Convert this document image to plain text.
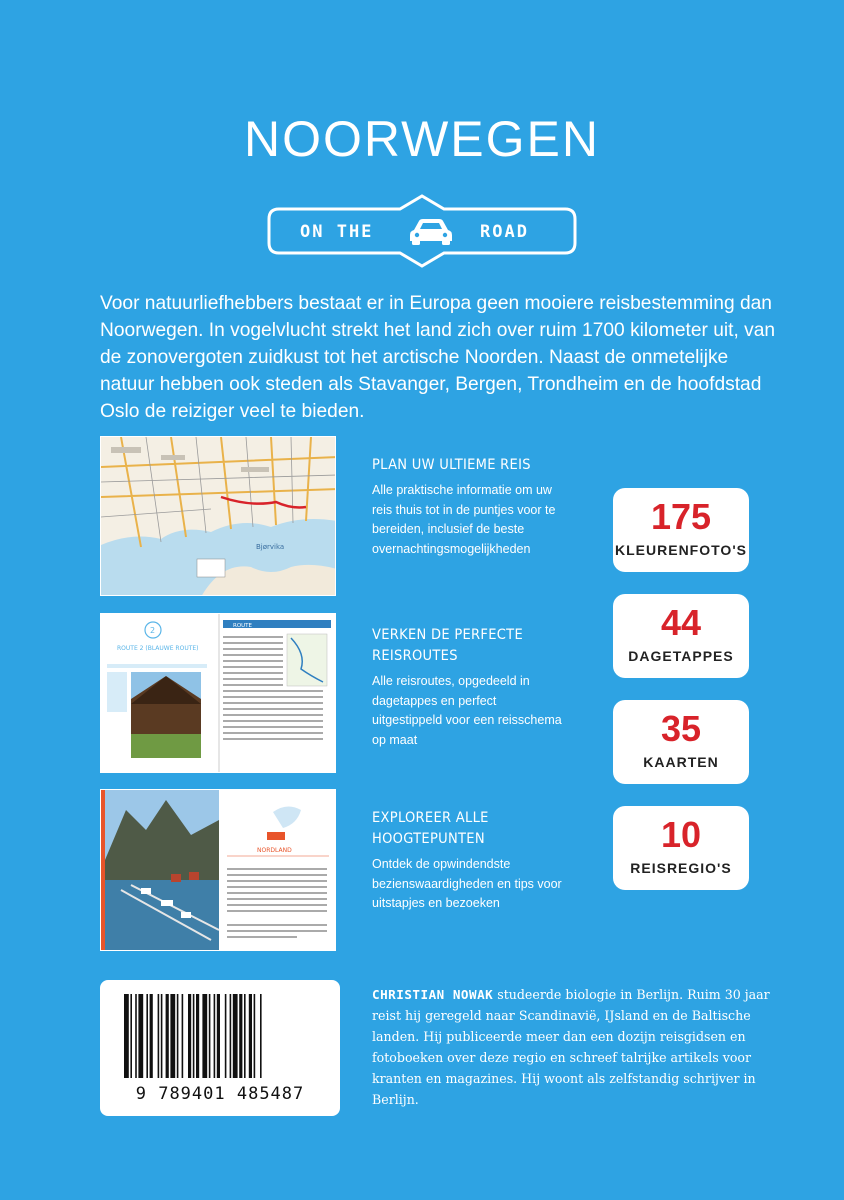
NOORWEGEN
ON THE	ROAD
Voor natuurliefhebbers bestaat er in Europa geen mooiere reisbestemming dan Noorwegen. In vogelvlucht strekt het land zich over ruim 1700 kilometer uit, van de zonovergoten zuidkust tot het arctische Noorden. Naast de onmetelijke natuur hebben ook steden als Stavanger, Bergen, Trondheim en de hoofdstad Oslo de reiziger veel te bieden.
Bjørvika
2
ROUTE 2 (BLAUWE ROUTE)
ROUTE
NORDLAND
PLAN UW ULTIEME REIS

Alle praktische informatie om uw reis thuis tot in de puntjes voor te bereiden, inclusief de beste overnachtingsmogelijkheden

VERKEN DE PERFECTE REISROUTES

Alle reisroutes, opgedeeld in dagetappes en perfect uitgestippeld voor een reisschema op maat

EXPLOREER ALLE HOOGTEPUNTEN

Ontdek de opwindendste bezienswaardigheden en tips voor uitstapjes en bezoeken

175
KLEURENFOTO'S
44
DAGETAPPES
35
KAARTEN
10
REISREGIO'S
9 789401 485487
CHRISTIAN NOWAK studeerde biologie in Berlijn. Ruim 30 jaar reist hij geregeld naar Scandinavië, IJsland en de Baltische landen. Hij publiceerde meer dan een dozijn reisgidsen en fotoboeken over deze regio en schreef talrijke artikels voor kranten en magazines. Hij woont als zelfstandig schrijver in Berlijn.
